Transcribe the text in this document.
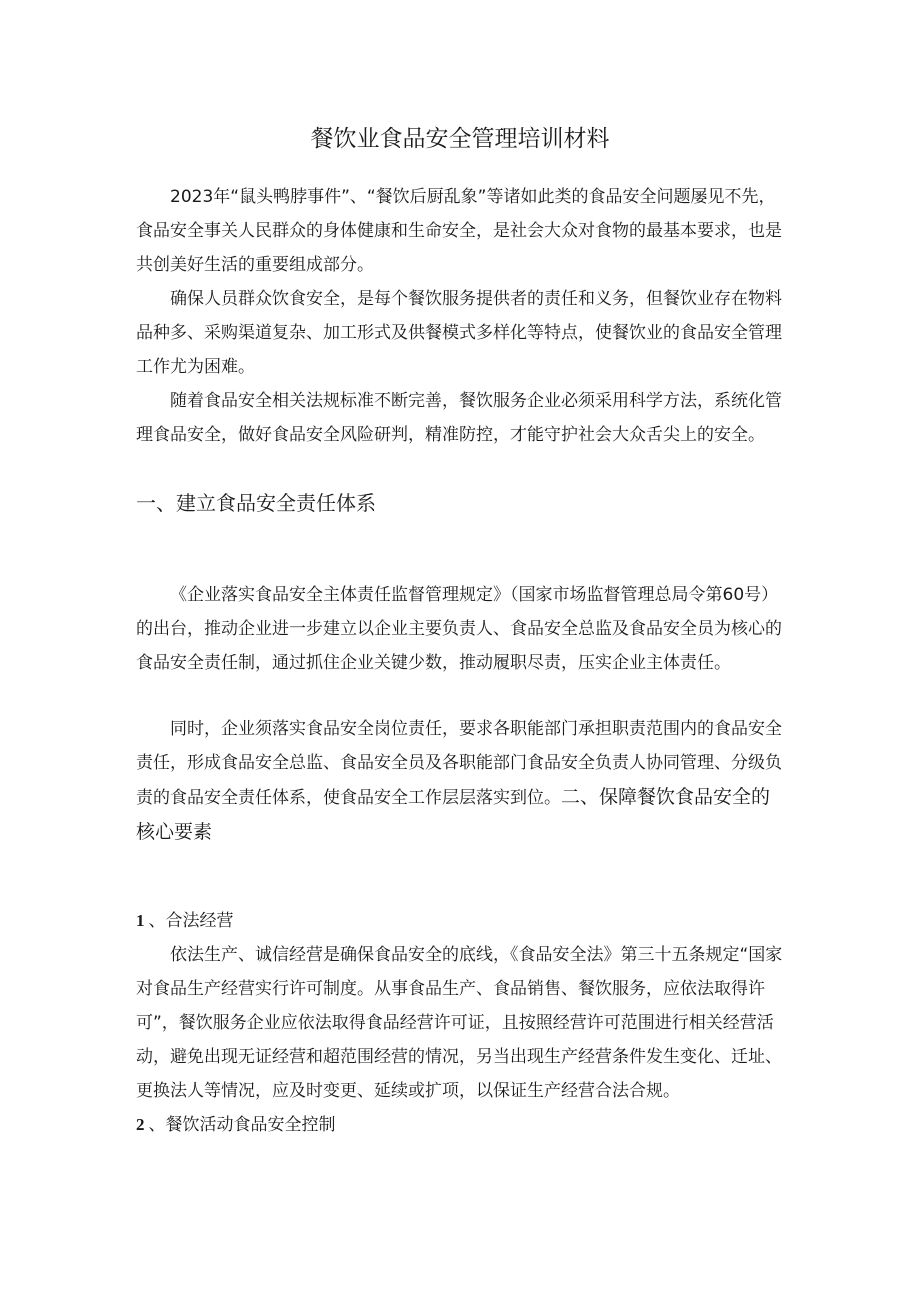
餐饮业食品安全管理培训材料

2023年“鼠头鸭脖事件”、“餐饮后厨乱象”等诸如此类的食品安全问题屡见不先，食品安全事关人民群众的身体健康和生命安全，是社会大众对食物的最基本要求，也是共创美好生活的重要组成部分。

确保人员群众饮食安全，是每个餐饮服务提供者的责任和义务，但餐饮业存在物料品种多、采购渠道复杂、加工形式及供餐模式多样化等特点，使餐饮业的食品安全管理工作尤为困难。

随着食品安全相关法规标准不断完善，餐饮服务企业必须采用科学方法，系统化管理食品安全，做好食品安全风险研判，精准防控，才能守护社会大众舌尖上的安全。

一、建立食品安全责任体系

《企业落实食品安全主体责任监督管理规定》（国家市场监督管理总局令第60号）的出台，推动企业进一步建立以企业主要负责人、食品安全总监及食品安全员为核心的食品安全责任制，通过抓住企业关键少数，推动履职尽责，压实企业主体责任。

同时，企业须落实食品安全岗位责任，要求各职能部门承担职责范围内的食品安全责任，形成食品安全总监、食品安全员及各职能部门食品安全负责人协同管理、分级负责的食品安全责任体系，使食品安全工作层层落实到位。二、保障餐饮食品安全的核心要素

1 、合法经营

依法生产、诚信经营是确保食品安全的底线，《食品安全法》第三十五条规定“国家对食品生产经营实行许可制度。从事食品生产、食品销售、餐饮服务，应依法取得许可”，餐饮服务企业应依法取得食品经营许可证，且按照经营许可范围进行相关经营活动，避免出现无证经营和超范围经营的情况，另当出现生产经营条件发生变化、迁址、更换法人等情况，应及时变更、延续或扩项，以保证生产经营合法合规。

2 、餐饮活动食品安全控制
